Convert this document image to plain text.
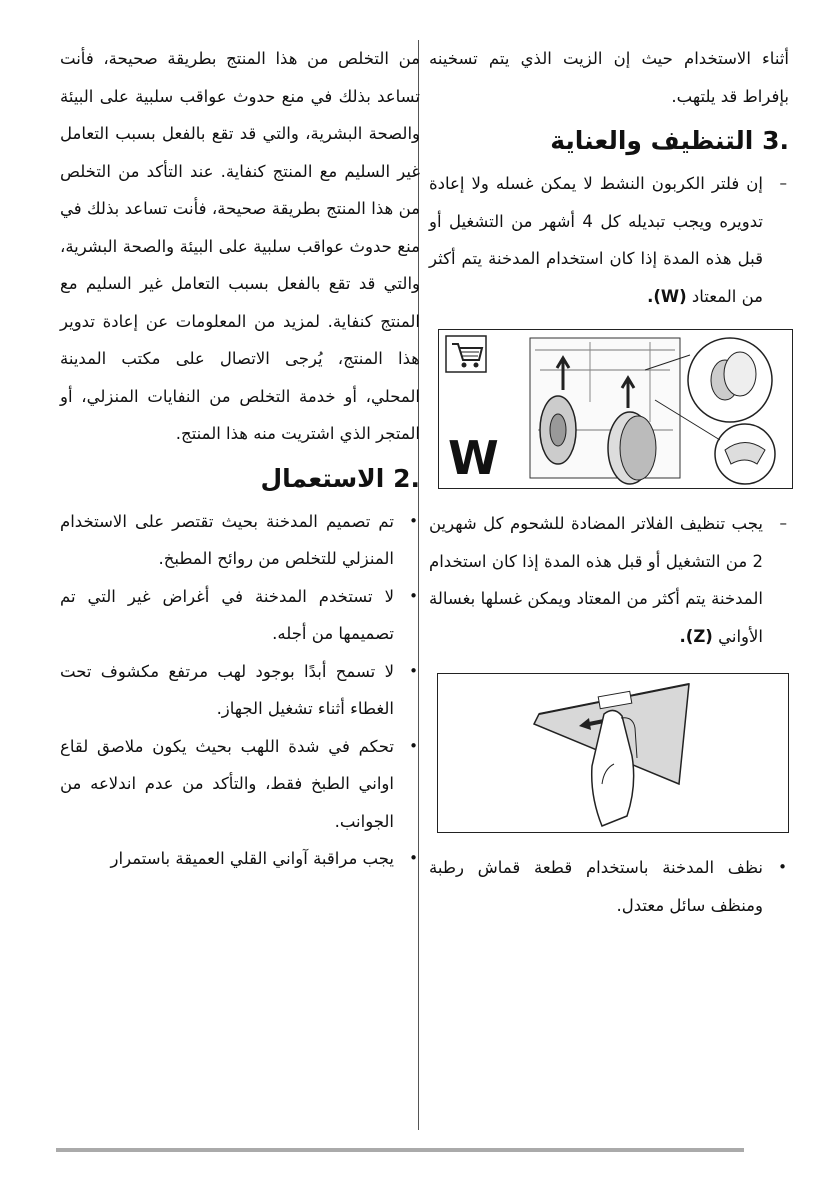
أثناء الاستخدام حيث إن الزيت الذي يتم تسخينه بإفراط قد يلتهب.

3. التنظيف والعناية
–
إن فلتر الكربون النشط لا يمكن غسله ولا إعادة تدويره ويجب تبديله كل 4 أشهر من التشغيل أو قبل هذه المدة إذا كان استخدام المدخنة يتم أكثر من المعتاد (W).
W
–
يجب تنظيف الفلاتر المضادة للشحوم كل شهرين 2 من التشغيل أو قبل هذه المدة إذا كان استخدام المدخنة يتم أكثر من المعتاد ويمكن غسلها بغسالة الأواني (Z).
•
نظف المدخنة باستخدام قطعة قماش رطبة ومنظف سائل معتدل.

من التخلص من هذا المنتج بطريقة صحيحة، فأنت تساعد بذلك في منع حدوث عواقب سلبية على البيئة والصحة البشرية، والتي قد تقع بالفعل بسبب التعامل غير السليم مع المنتج كنفاية. عند التأكد من التخلص من هذا المنتج بطريقة صحيحة، فأنت تساعد بذلك في منع حدوث عواقب سلبية على البيئة والصحة البشرية، والتي قد تقع بالفعل بسبب التعامل غير السليم مع المنتج كنفاية. لمزيد من المعلومات عن إعادة تدوير هذا المنتج، يُرجى الاتصال على مكتب المدينة المحلي، أو خدمة التخلص من النفايات المنزلي، أو المتجر الذي اشتريت منه هذا المنتج.

2. الاستعمال
•
تم تصميم المدخنة بحيث تقتصر على الاستخدام المنزلي للتخلص من روائح المطبخ.
•
لا تستخدم المدخنة في أغراض غير التي تم تصميمها من أجله.
•
لا تسمح أبدًا بوجود لهب مرتفع مكشوف تحت الغطاء أثناء تشغيل الجهاز.
•
تحكم في شدة اللهب بحيث يكون ملاصق لقاع اواني الطبخ فقط، والتأكد من عدم اندلاعه من الجوانب.
•
يجب مراقبة آواني القلي العميقة باستمرار
